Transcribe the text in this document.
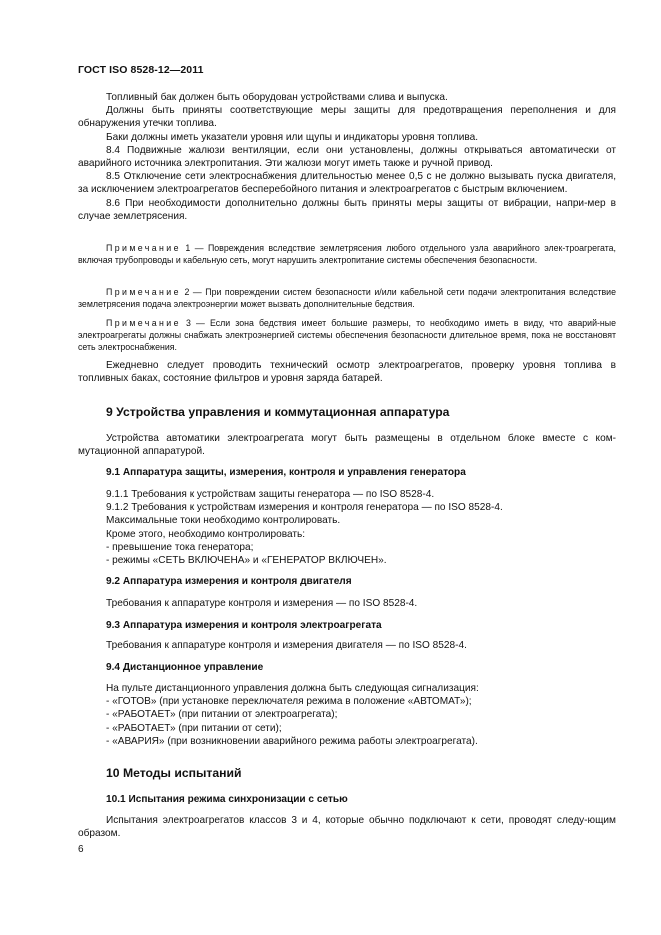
ГОСТ ISO 8528-12—2011

Топливный бак должен быть оборудован устройствами слива и выпуска.

Должны быть приняты соответствующие меры защиты для предотвращения переполнения и для обнаружения утечки топлива.

Баки должны иметь указатели уровня или щупы и индикаторы уровня топлива.

8.4 Подвижные жалюзи вентиляции, если они установлены, должны открываться автоматически от аварийного источника электропитания. Эти жалюзи могут иметь также и ручной привод.

8.5 Отключение сети электроснабжения длительностью менее 0,5 с не должно вызывать пуска двигателя, за исключением электроагрегатов бесперебойного питания и электроагрегатов с быстрым включением.

8.6 При необходимости дополнительно должны быть приняты меры защиты от вибрации, напри-мер в случае землетрясения.

Примечание 1 — Повреждения вследствие землетрясения любого отдельного узла аварийного элек-троагрегата, включая трубопроводы и кабельную сеть, могут нарушить электропитание системы обеспечения безопасности.

Примечание 2 — При повреждении систем безопасности и/или кабельной сети подачи электропитания вследствие землетрясения подача электроэнергии может вызвать дополнительные бедствия.

Примечание 3 — Если зона бедствия имеет большие размеры, то необходимо иметь в виду, что аварий-ные электроагрегаты должны снабжать электроэнергией системы обеспечения безопасности длительное время, пока не восстановят сеть электроснабжения.

Ежедневно следует проводить технический осмотр электроагрегатов, проверку уровня топлива в топливных баках, состояние фильтров и уровня заряда батарей.

9 Устройства управления и коммутационная аппаратура

Устройства автоматики электроагрегата могут быть размещены в отдельном блоке вместе с ком-мутационной аппаратурой.

9.1 Аппаратура защиты, измерения, контроля и управления генератора

9.1.1 Требования к устройствам защиты генератора — по ISO 8528-4.

9.1.2 Требования к устройствам измерения и контроля генератора — по ISO 8528-4.

Максимальные токи необходимо контролировать.

Кроме этого, необходимо контролировать:

- превышение тока генератора;

- режимы «СЕТЬ ВКЛЮЧЕНА» и «ГЕНЕРАТОР ВКЛЮЧЕН».

9.2 Аппаратура измерения и контроля двигателя

Требования к аппаратуре контроля и измерения — по ISO 8528-4.

9.3 Аппаратура измерения и контроля электроагрегата

Требования к аппаратуре контроля и измерения двигателя — по ISO 8528-4.

9.4 Дистанционное управление

На пульте дистанционного управления должна быть следующая сигнализация:

- «ГОТОВ» (при установке переключателя режима в положение «АВТОМАТ»);

- «РАБОТАЕТ» (при питании от электроагрегата);

- «РАБОТАЕТ» (при питании от сети);

- «АВАРИЯ» (при возникновении аварийного режима работы электроагрегата).

10 Методы испытаний
10.1 Испытания режима синхронизации с сетью

Испытания электроагрегатов классов 3 и 4, которые обычно подключают к сети, проводят следу-ющим образом.

6
